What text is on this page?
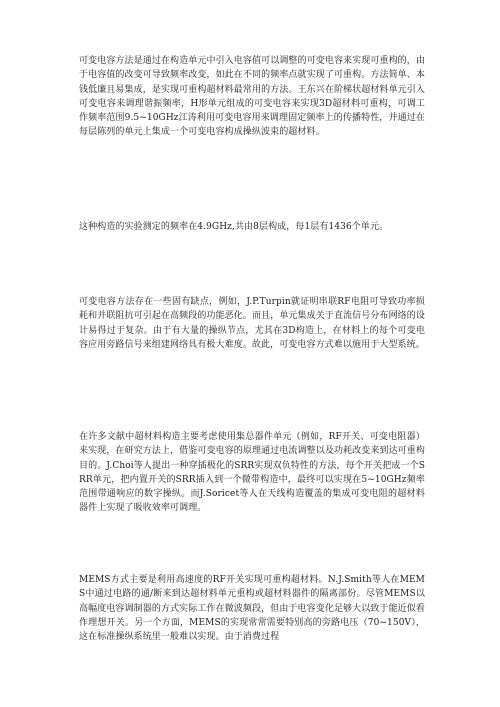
可变电容方法是通过在构造单元中引入电容值可以调整的可变电容来实现可重构的，由于电容值的改变可导致频率改变，如此在不同的频率点就实现了可重构。方法简单、本钱低廉且易集成，是实现可重构超材料最常用的方法。王东兴在阶梯状超材料单元引入可变电容来调理谐振频率，H形单元组成的可变电容来实现3D超材料可重构，可调工作频率范围9.5~10GHz江涛利用可变电容用来调理固定频率上的传播特性，并通过在每层陈列的单元上集成一个可变电容构成操纵波束的超材料。

这种构造的实验测定的频率在4.9GHz,共由8层构成，每1层有1436个单元。

可变电容方法存在一些固有缺点，例如，J.P.Turpin就证明串联RF电阻可导致功率损耗和并联阻抗可引起在高频段的功能恶化。而且，单元集成关于直流信号分布网络的设计易得过于复杂。由于有大量的操纵节点，尤其在3D构造上，在材料上的每个可变电容应用旁路信号来组建网络具有极大难度。故此，可变电容方式难以施用于大型系统。

在许多文献中超材料构造主要考虑使用集总器件单元（例如，RF开关、可变电阻器）来实现，在研究方法上，借鉴可变电容的原理通过电流调整以及功耗改变来到达可重构目的。J.Choi等人提出一种穿插极化的SRR实现双负特性的方法，每个开关把成一个SRR单元，把内置开关的SRR插入到一个微带构造中，最终可以实现在5~10GHz频率范围带通响应的数字操纵。而J.Soricet等人在天线构造覆盖的集成可变电阻的超材料器件上实现了吸收效率可调理。

MEMS方式主要是利用高速度的RF开关实现可重构超材料。N.J.Smith等人在MEMS中通过电路的通/断来到达超材料单元重构或超材料器件的隔离部份。尽管MEMS以高幅度电容调制器的方式实际工作在微波频段，但由于电容变化足够大以致于能近似看作理想开关。另一个方面，MEMS的实现常常需要特别高的旁路电压（70~150V），这在标准操纵系统里一般难以实现。由于消费过程
